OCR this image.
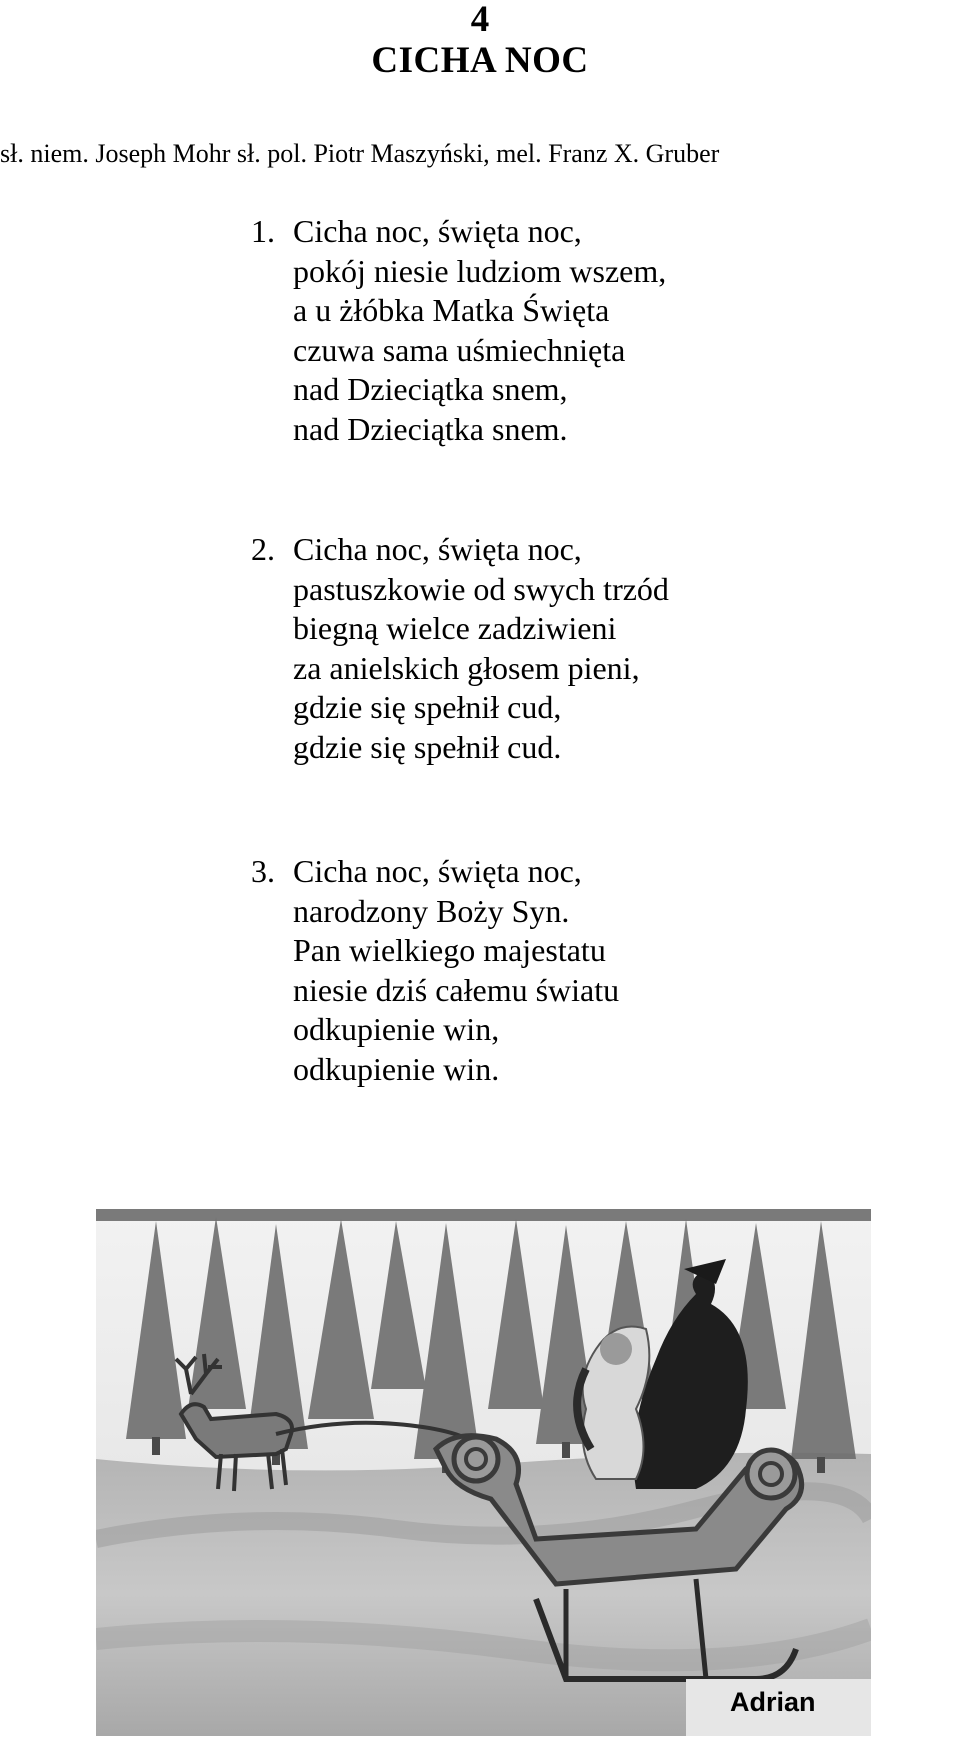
4
CICHA NOC
sł. niem. Joseph Mohr sł. pol. Piotr Maszyński, mel. Franz X. Gruber
1. Cicha noc, święta noc,
pokój niesie ludziom wszem,
a u żłóbka Matka Święta
czuwa sama uśmiechnięta
nad Dzieciątka snem,
nad Dzieciątka snem.
2. Cicha noc, święta noc,
pastuszkowie od swych trzód
biegną wielce zadziwieni
za anielskich głosem pieni,
gdzie się spełnił cud,
gdzie się spełnił cud.
3. Cicha noc, święta noc,
narodzony Boży Syn.
Pan wielkiego majestatu
niesie dziś całemu światu
odkupienie win,
odkupienie win.
Adrian
